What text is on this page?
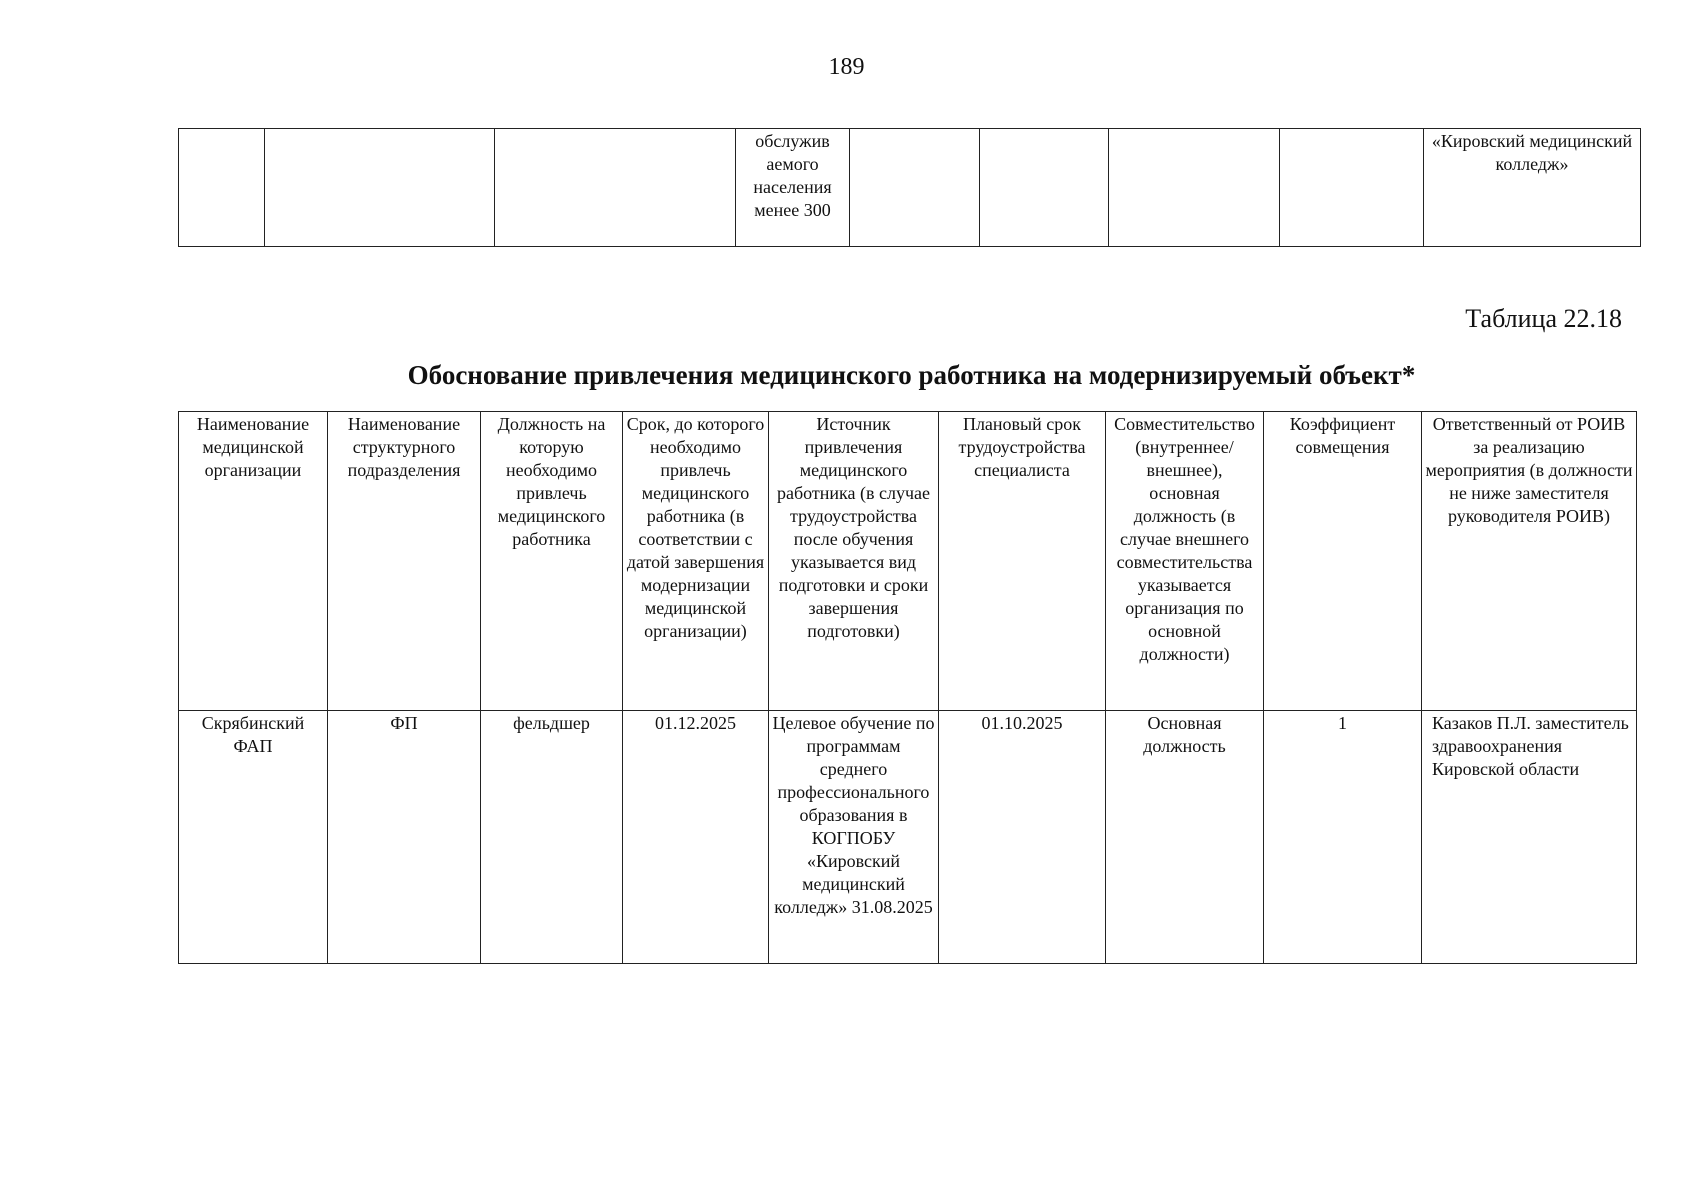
189
			обслужив аемого населения менее 300					«Кировский медицинский колледж»
Таблица 22.18
Обоснование привлечения медицинского работника на модернизируемый объект*
Наименование медицинской организации	Наименование структурного подразделения	Должность на которую необходимо привлечь медицинского работника	Срок, до которого необходимо привлечь медицинского работника (в соответствии с датой завершения модернизации медицинской организации)	Источник привлечения медицинского работника (в случае трудоустройства после обучения указывается вид подготовки и сроки завершения подготовки)	Плановый срок трудоустройства специалиста	Совместительство (внутреннее/внешнее), основная должность (в случае внешнего совместительства указывается организация по основной должности)	Коэффициент совмещения	Ответственный от РОИВ за реализацию мероприятия (в должности не ниже заместителя руководителя РОИВ)
Скрябинский ФАП	ФП	фельдшер	01.12.2025	Целевое обучение по программам среднего профессионального образования в КОГПОБУ «Кировский медицинский колледж» 31.08.2025	01.10.2025	Основная должность	1	Казаков П.Л. заместитель здравоохранения Кировской области
